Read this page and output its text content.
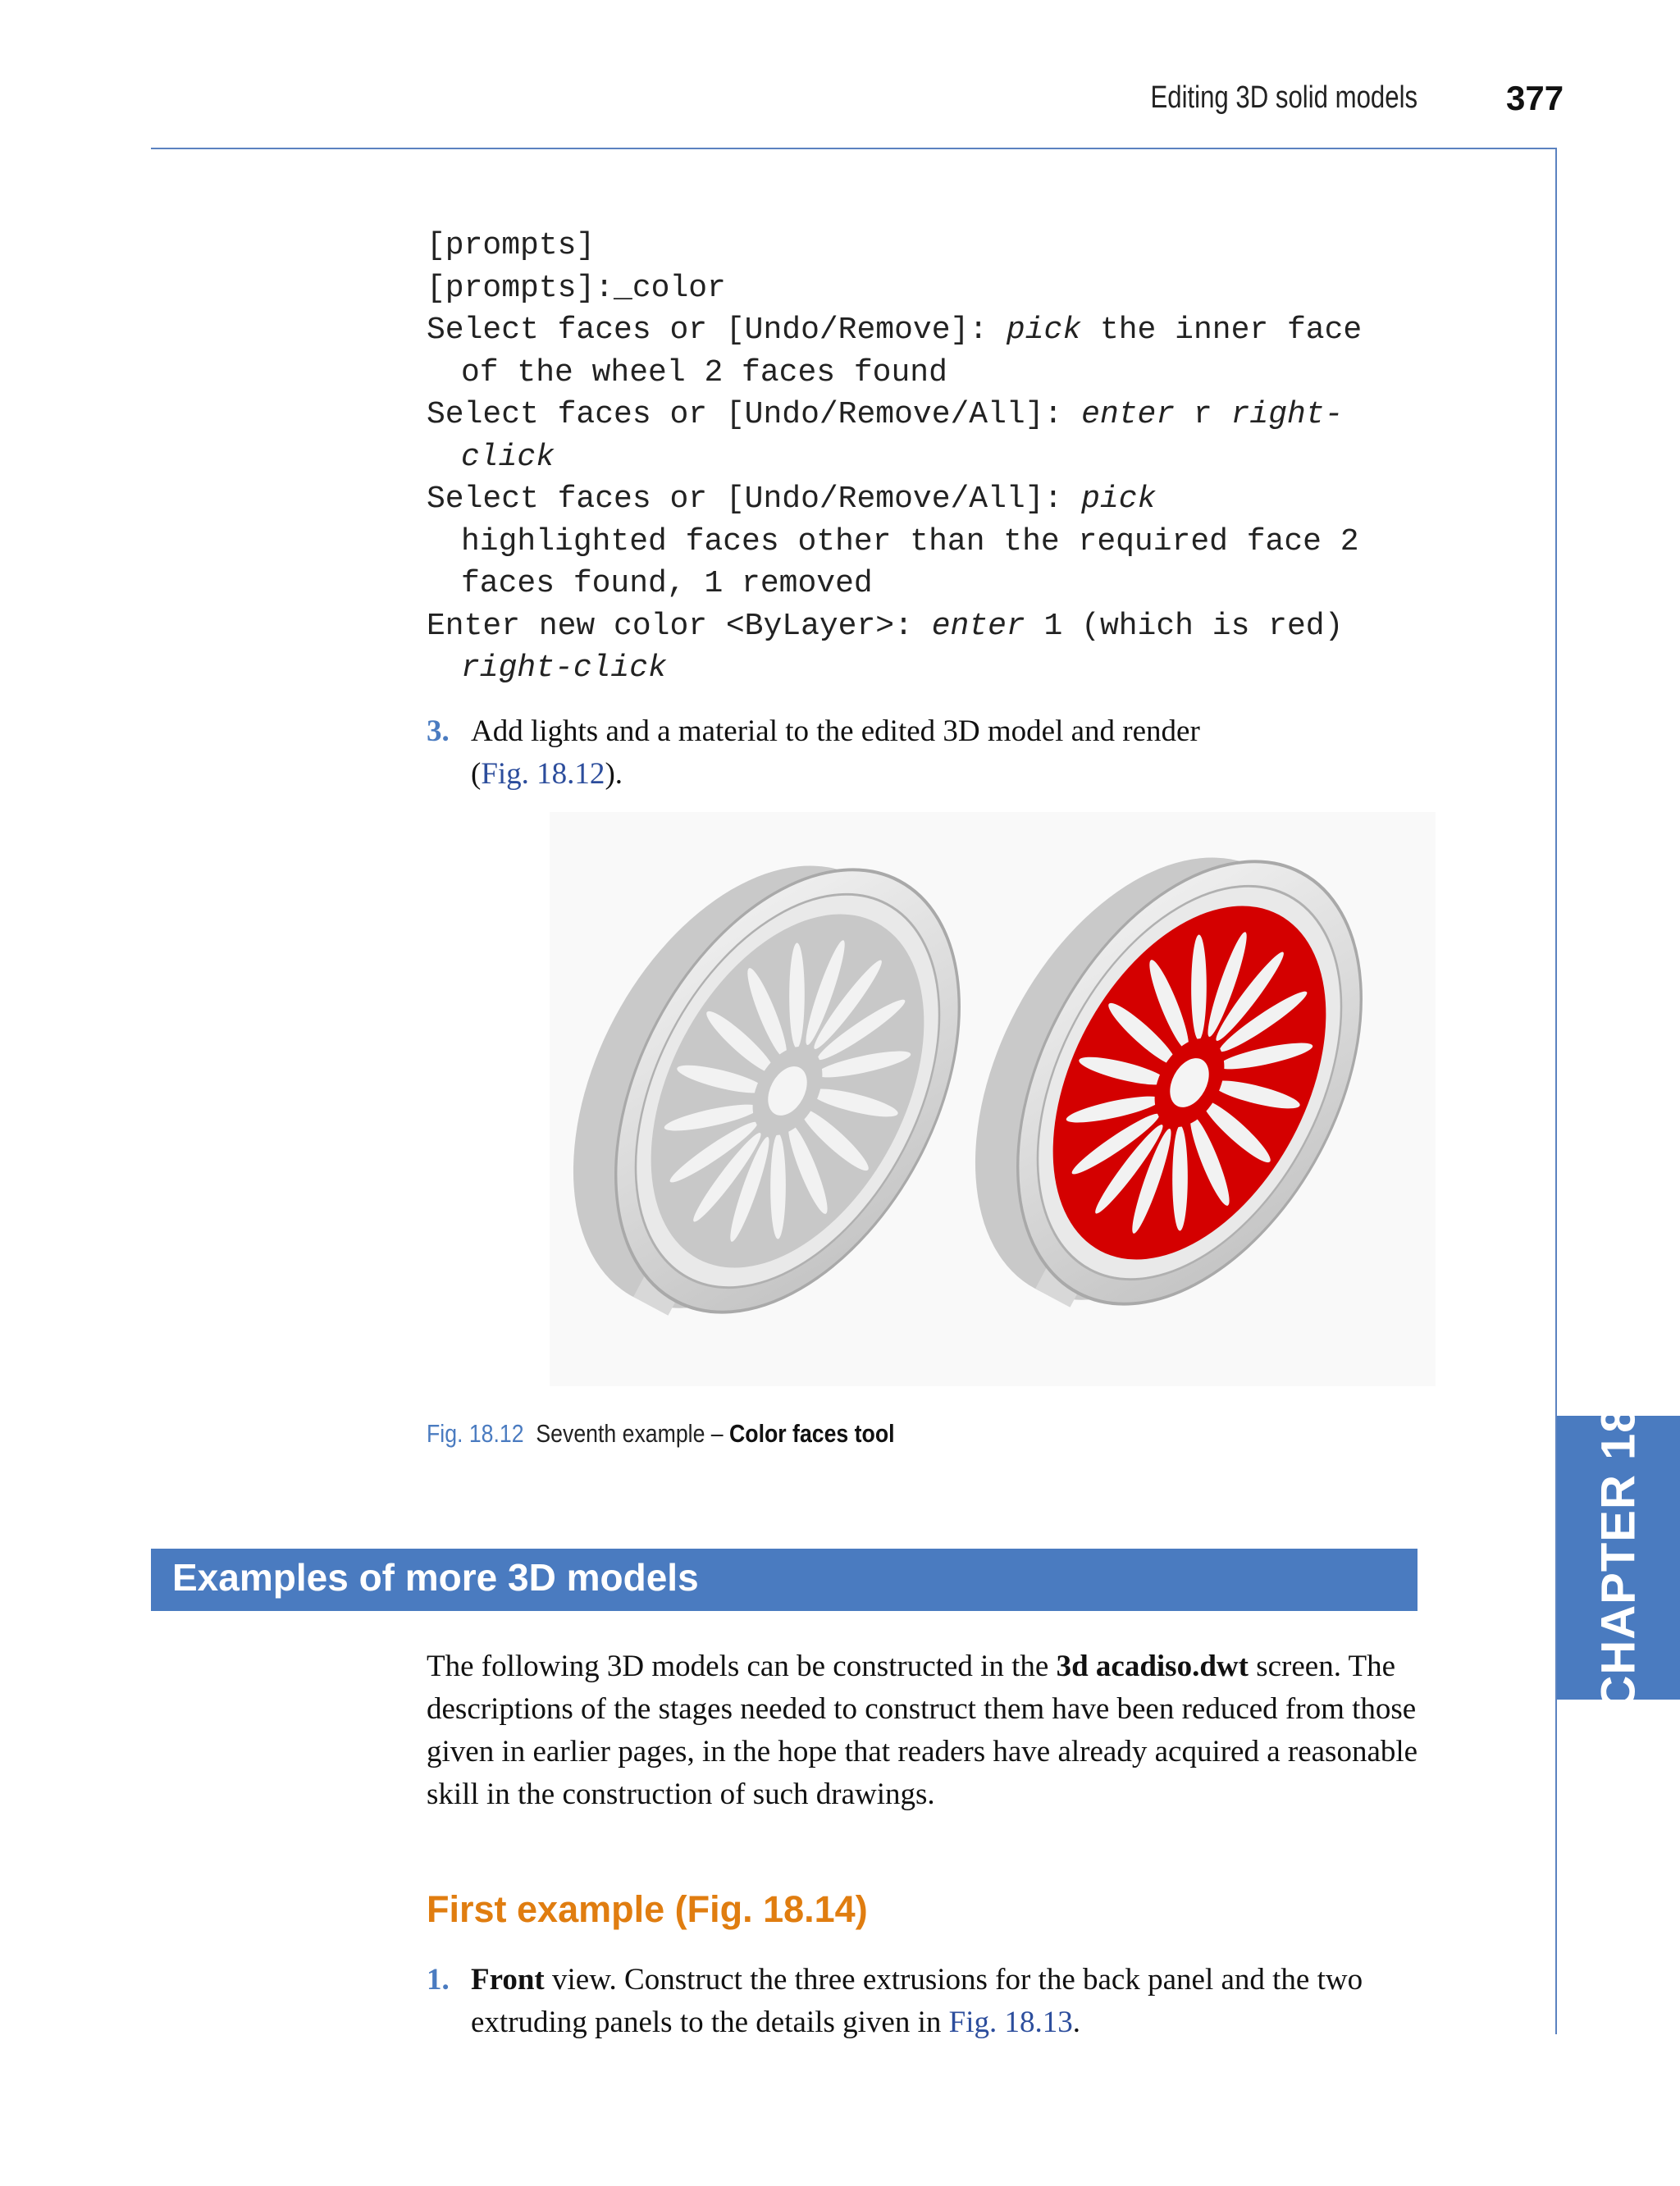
Editing 3D solid models	377
[prompts]
[prompts]:_color
Select faces or [Undo/Remove]: pick the inner face
of the wheel 2 faces found
Select faces or [Undo/Remove/All]: enter r right-
click
Select faces or [Undo/Remove/All]: pick
highlighted faces other than the required face 2
faces found, 1 removed
Enter new color <ByLayer>: enter 1 (which is red)
right-click
3. Add lights and a material to the edited 3D model and render
(Fig. 18.12).
Fig. 18.12 Seventh example – Color faces tool	CHAPTER 18
Examples of more 3D models

The following 3D models can be constructed in the 3d acadiso.dwt screen. The descriptions of the stages needed to construct them have been reduced from those given in earlier pages, in the hope that readers have already acquired a reasonable skill in the construction of such drawings.

First example (Fig. 18.14)
1. Front view. Construct the three extrusions for the back panel and the two extruding panels to the details given in Fig. 18.13.
